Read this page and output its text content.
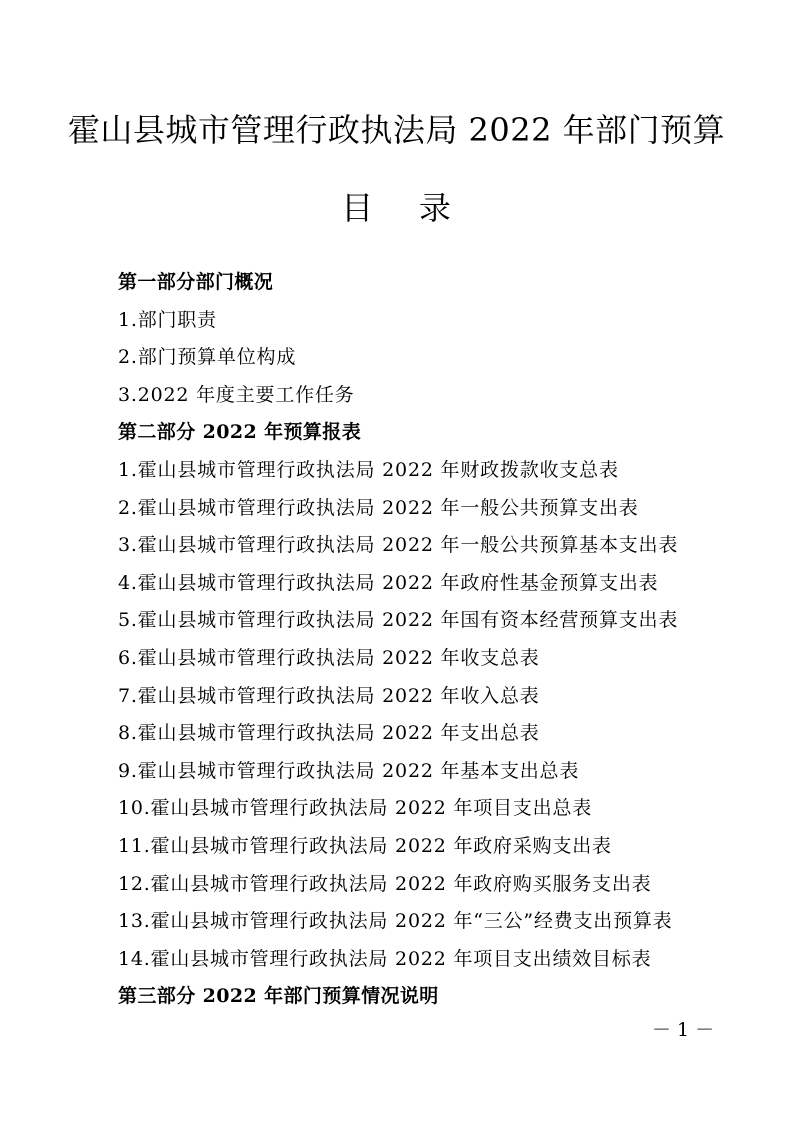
霍山县城市管理行政执法局 2022 年部门预算
目    录
第一部分部门概况
1.部门职责
2.部门预算单位构成
3.2022 年度主要工作任务
第二部分 2022 年预算报表
1.霍山县城市管理行政执法局 2022 年财政拨款收支总表
2.霍山县城市管理行政执法局 2022 年一般公共预算支出表
3.霍山县城市管理行政执法局 2022 年一般公共预算基本支出表
4.霍山县城市管理行政执法局 2022 年政府性基金预算支出表
5.霍山县城市管理行政执法局 2022 年国有资本经营预算支出表
6.霍山县城市管理行政执法局 2022 年收支总表
7.霍山县城市管理行政执法局 2022 年收入总表
8.霍山县城市管理行政执法局 2022 年支出总表
9.霍山县城市管理行政执法局 2022 年基本支出总表
10.霍山县城市管理行政执法局 2022 年项目支出总表
11.霍山县城市管理行政执法局 2022 年政府采购支出表
12.霍山县城市管理行政执法局 2022 年政府购买服务支出表
13.霍山县城市管理行政执法局 2022 年“三公”经费支出预算表
14.霍山县城市管理行政执法局 2022 年项目支出绩效目标表
第三部分 2022 年部门预算情况说明
－ 1 －
